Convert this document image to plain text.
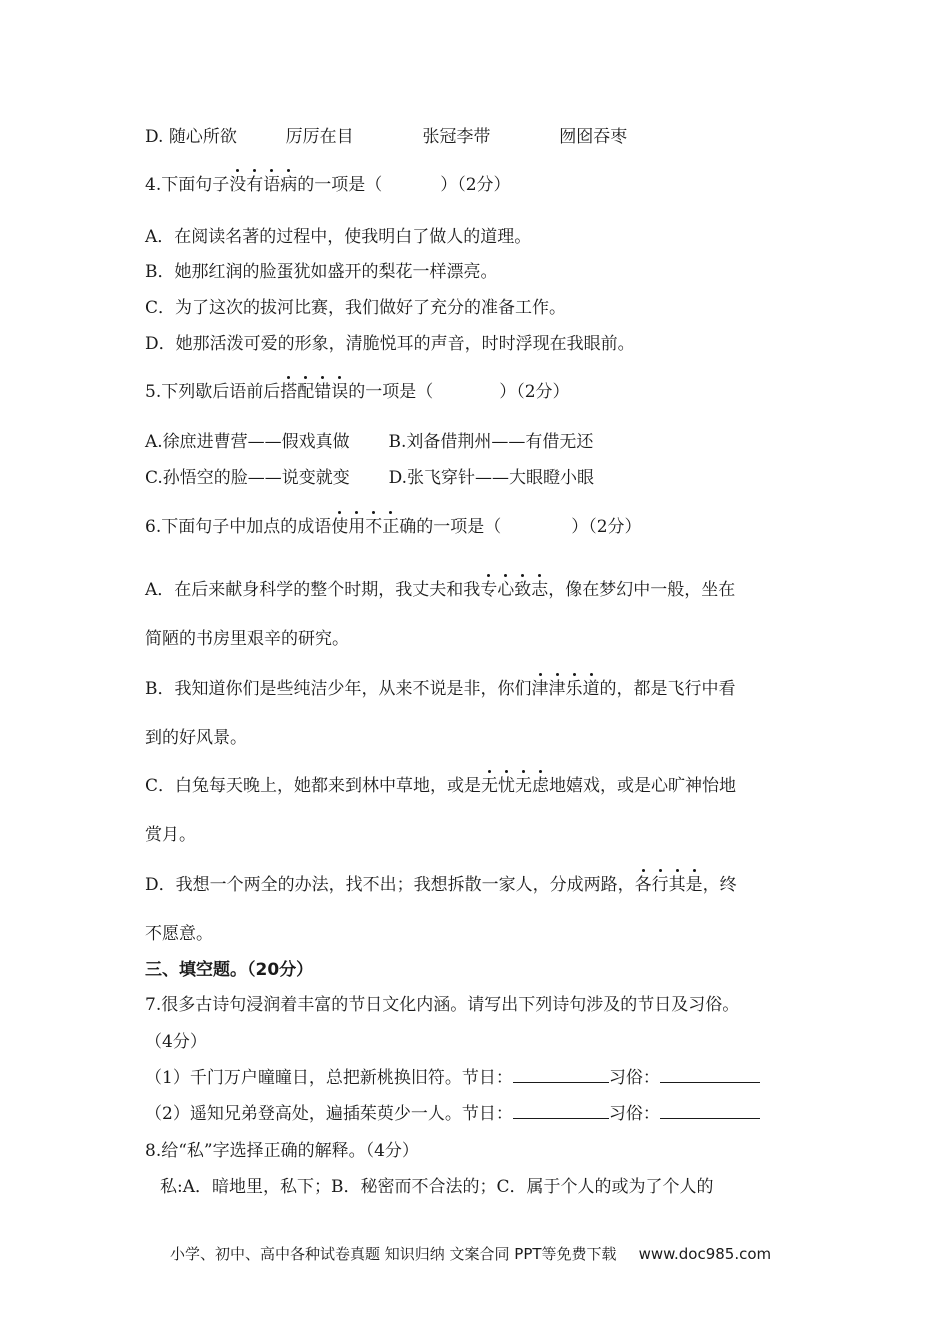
D. 随心所欲	厉厉在目	张冠李带	囫囵吞枣
4.下面句子没有语病的一项是（	）（2分）
A．在阅读名著的过程中，使我明白了做人的道理。
B．她那红润的脸蛋犹如盛开的梨花一样漂亮。
C．为了这次的拔河比赛，我们做好了充分的准备工作。
D．她那活泼可爱的形象，清脆悦耳的声音，时时浮现在我眼前。
5.下列歇后语前后搭配错误的一项是（	）（2分）
A.徐庶进曹营——假戏真做 B.刘备借荆州——有借无还
C.孙悟空的脸——说变就变 D.张飞穿针——大眼瞪小眼
6.下面句子中加点的成语使用不正确的一项是（	）（2分）
A．在后来献身科学的整个时期，我丈夫和我专心致志，像在梦幻中一般，坐在
简陋的书房里艰辛的研究。
B．我知道你们是些纯洁少年，从来不说是非，你们津津乐道的，都是飞行中看
到的好风景。
C．白兔每天晚上，她都来到林中草地，或是无忧无虑地嬉戏，或是心旷神怡地
赏月。
D．我想一个两全的办法，找不出；我想拆散一家人，分成两路，各行其是，终
不愿意。
三、填空题。（20分）
7.很多古诗句浸润着丰富的节日文化内涵。请写出下列诗句涉及的节日及习俗。
（4分）
（1）千门万户曈曈日，总把新桃换旧符。节日：	习俗：
（2）遥知兄弟登高处，遍插茱萸少一人。节日：	习俗：
8.给“私”字选择正确的解释。（4分）
私:A．暗地里，私下；B．秘密而不合法的；C．属于个人的或为了个人的
小学、初中、高中各种试卷真题 知识归纳 文案合同 PPT等免费下载 www.doc985.com
